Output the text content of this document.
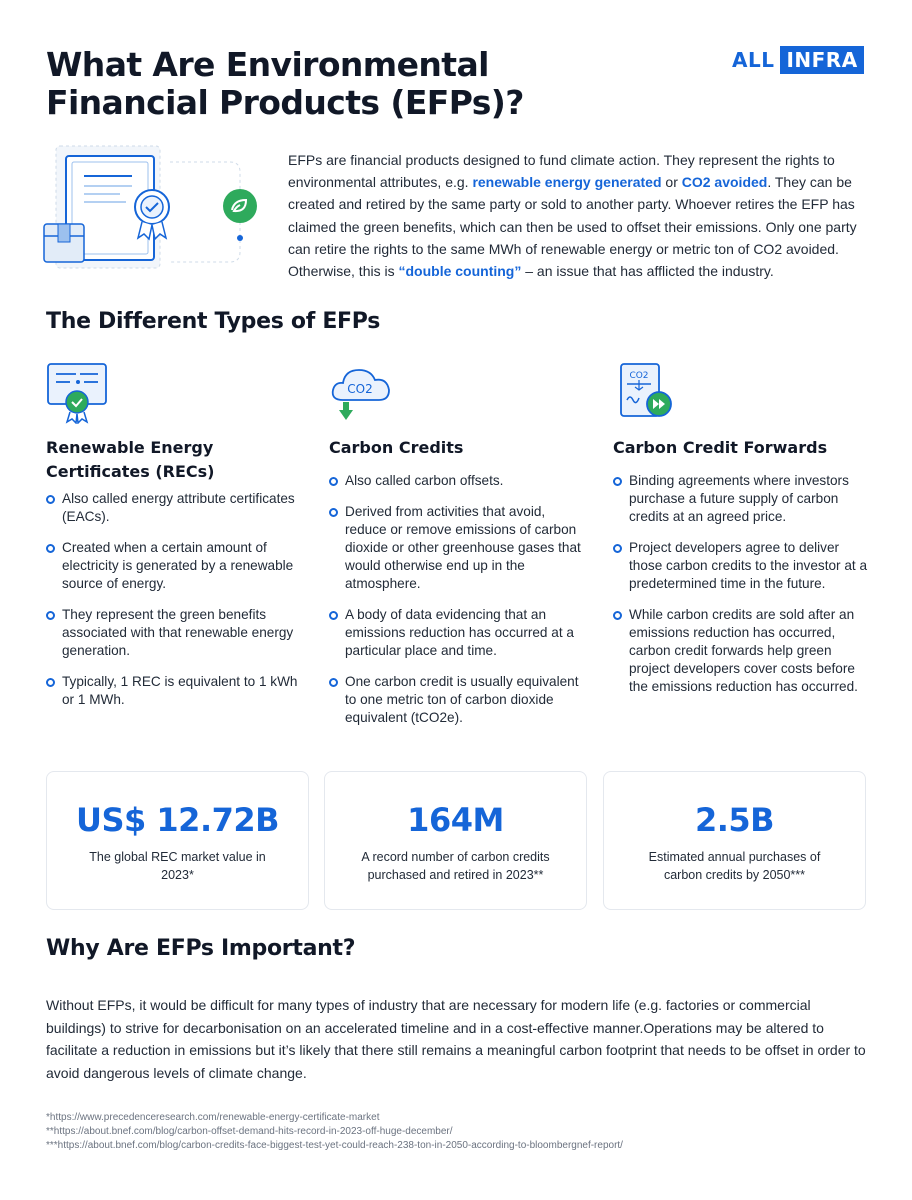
What Are Environmental
Financial Products (EFPs)?
ALL INFRA

EFPs are financial products designed to fund climate action. They represent the rights to environmental attributes, e.g. renewable energy generated or CO2 avoided. They can be created and retired by the same party or sold to another party. Whoever retires the EFP has claimed the green benefits, which can then be used to offset their emissions. Only one party can retire the rights to the same MWh of renewable energy or metric ton of CO2 avoided. Otherwise, this is “double counting” – an issue that has afflicted the industry.

The Different Types of EFPs
Renewable Energy Certificates (RECs)
Also called energy attribute certificates (EACs).
Created when a certain amount of electricity is generated by a renewable source of energy.
They represent the green benefits associated with that renewable energy generation.
Typically, 1 REC is equivalent to 1 kWh or 1 MWh.
CO2
Carbon Credits
Also called carbon offsets.
Derived from activities that avoid, reduce or remove emissions of carbon dioxide or other greenhouse gases that would otherwise end up in the atmosphere.
A body of data evidencing that an emissions reduction has occurred at a particular place and time.
One carbon credit is usually equivalent to one metric ton of carbon dioxide equivalent (tCO2e).
CO2
Carbon Credit Forwards
Binding agreements where investors purchase a future supply of carbon credits at an agreed price.
Project developers agree to deliver those carbon credits to the investor at a predetermined time in the future.
While carbon credits are sold after an emissions reduction has occurred, carbon credit forwards help green project developers cover costs before the emissions reduction has occurred.
US$ 12.72B
The global REC market value in 2023*
164M
A record number of carbon credits purchased and retired in 2023**
2.5B
Estimated annual purchases of carbon credits by 2050***
Why Are EFPs Important?

Without EFPs, it would be difficult for many types of industry that are necessary for modern life (e.g. factories or commercial buildings) to strive for decarbonisation on an accelerated timeline and in a cost-effective manner.Operations may be altered to facilitate a reduction in emissions but it’s likely that there still remains a meaningful carbon footprint that needs to be offset in order to avoid dangerous levels of climate change.

*https://www.precedenceresearch.com/renewable-energy-certificate-market
**https://about.bnef.com/blog/carbon-offset-demand-hits-record-in-2023-off-huge-december/
***https://about.bnef.com/blog/carbon-credits-face-biggest-test-yet-could-reach-238-ton-in-2050-according-to-bloombergnef-report/
